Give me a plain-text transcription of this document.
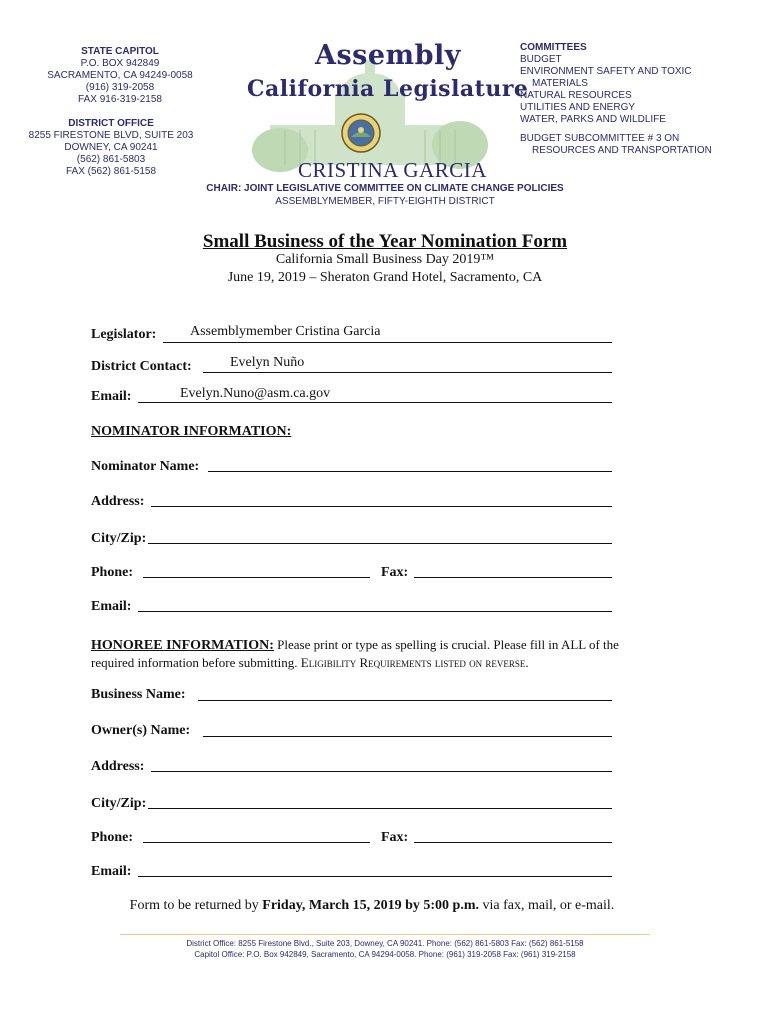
STATE CAPITOL
P.O. BOX 942849
SACRAMENTO, CA 94249-0058
(916) 319-2058
FAX 916-319-2158
DISTRICT OFFICE
8255 FIRESTONE BLVD, SUITE 203
DOWNEY, CA 90241
(562) 861-5803
FAX (562) 861-5158
Assembly
California Legislature
CRISTINA GARCIA
COMMITTEES
BUDGET
ENVIRONMENT SAFETY AND TOXIC
MATERIALS
NATURAL RESOURCES
UTILITIES AND ENERGY
WATER, PARKS AND WILDLIFE
BUDGET SUBCOMMITTEE # 3 ON
RESOURCES AND TRANSPORTATION
CHAIR: JOINT LEGISLATIVE COMMITTEE ON CLIMATE CHANGE POLICIES
ASSEMBLYMEMBER, FIFTY-EIGHTH DISTRICT
Small Business of the Year Nomination Form
California Small Business Day 2019™
June 19, 2019 – Sheraton Grand Hotel, Sacramento, CA
Legislator: Assemblymember Cristina Garcia
District Contact:	Evelyn Nuño
Email:	Evelyn.Nuno@asm.ca.gov
NOMINATOR INFORMATION:
Nominator Name:
Address:
City/Zip:
Phone:	Fax:
Email:
HONOREE INFORMATION: Please print or type as spelling is crucial. Please fill in ALL of the
required information before submitting. Eligibility Requirements listed on reverse.
Business Name:
Owner(s) Name:
Address:
City/Zip:
Phone:	Fax:
Email:
Form to be returned by Friday, March 15, 2019 by 5:00 p.m. via fax, mail, or e-mail.
District Office: 8255 Firestone Blvd., Suite 203, Downey, CA 90241. Phone: (562) 861-5803 Fax: (562) 861-5158
Capitol Office: P.O. Box 942849, Sacramento, CA 94294-0058. Phone: (961) 319-2058 Fax: (961) 319-2158
